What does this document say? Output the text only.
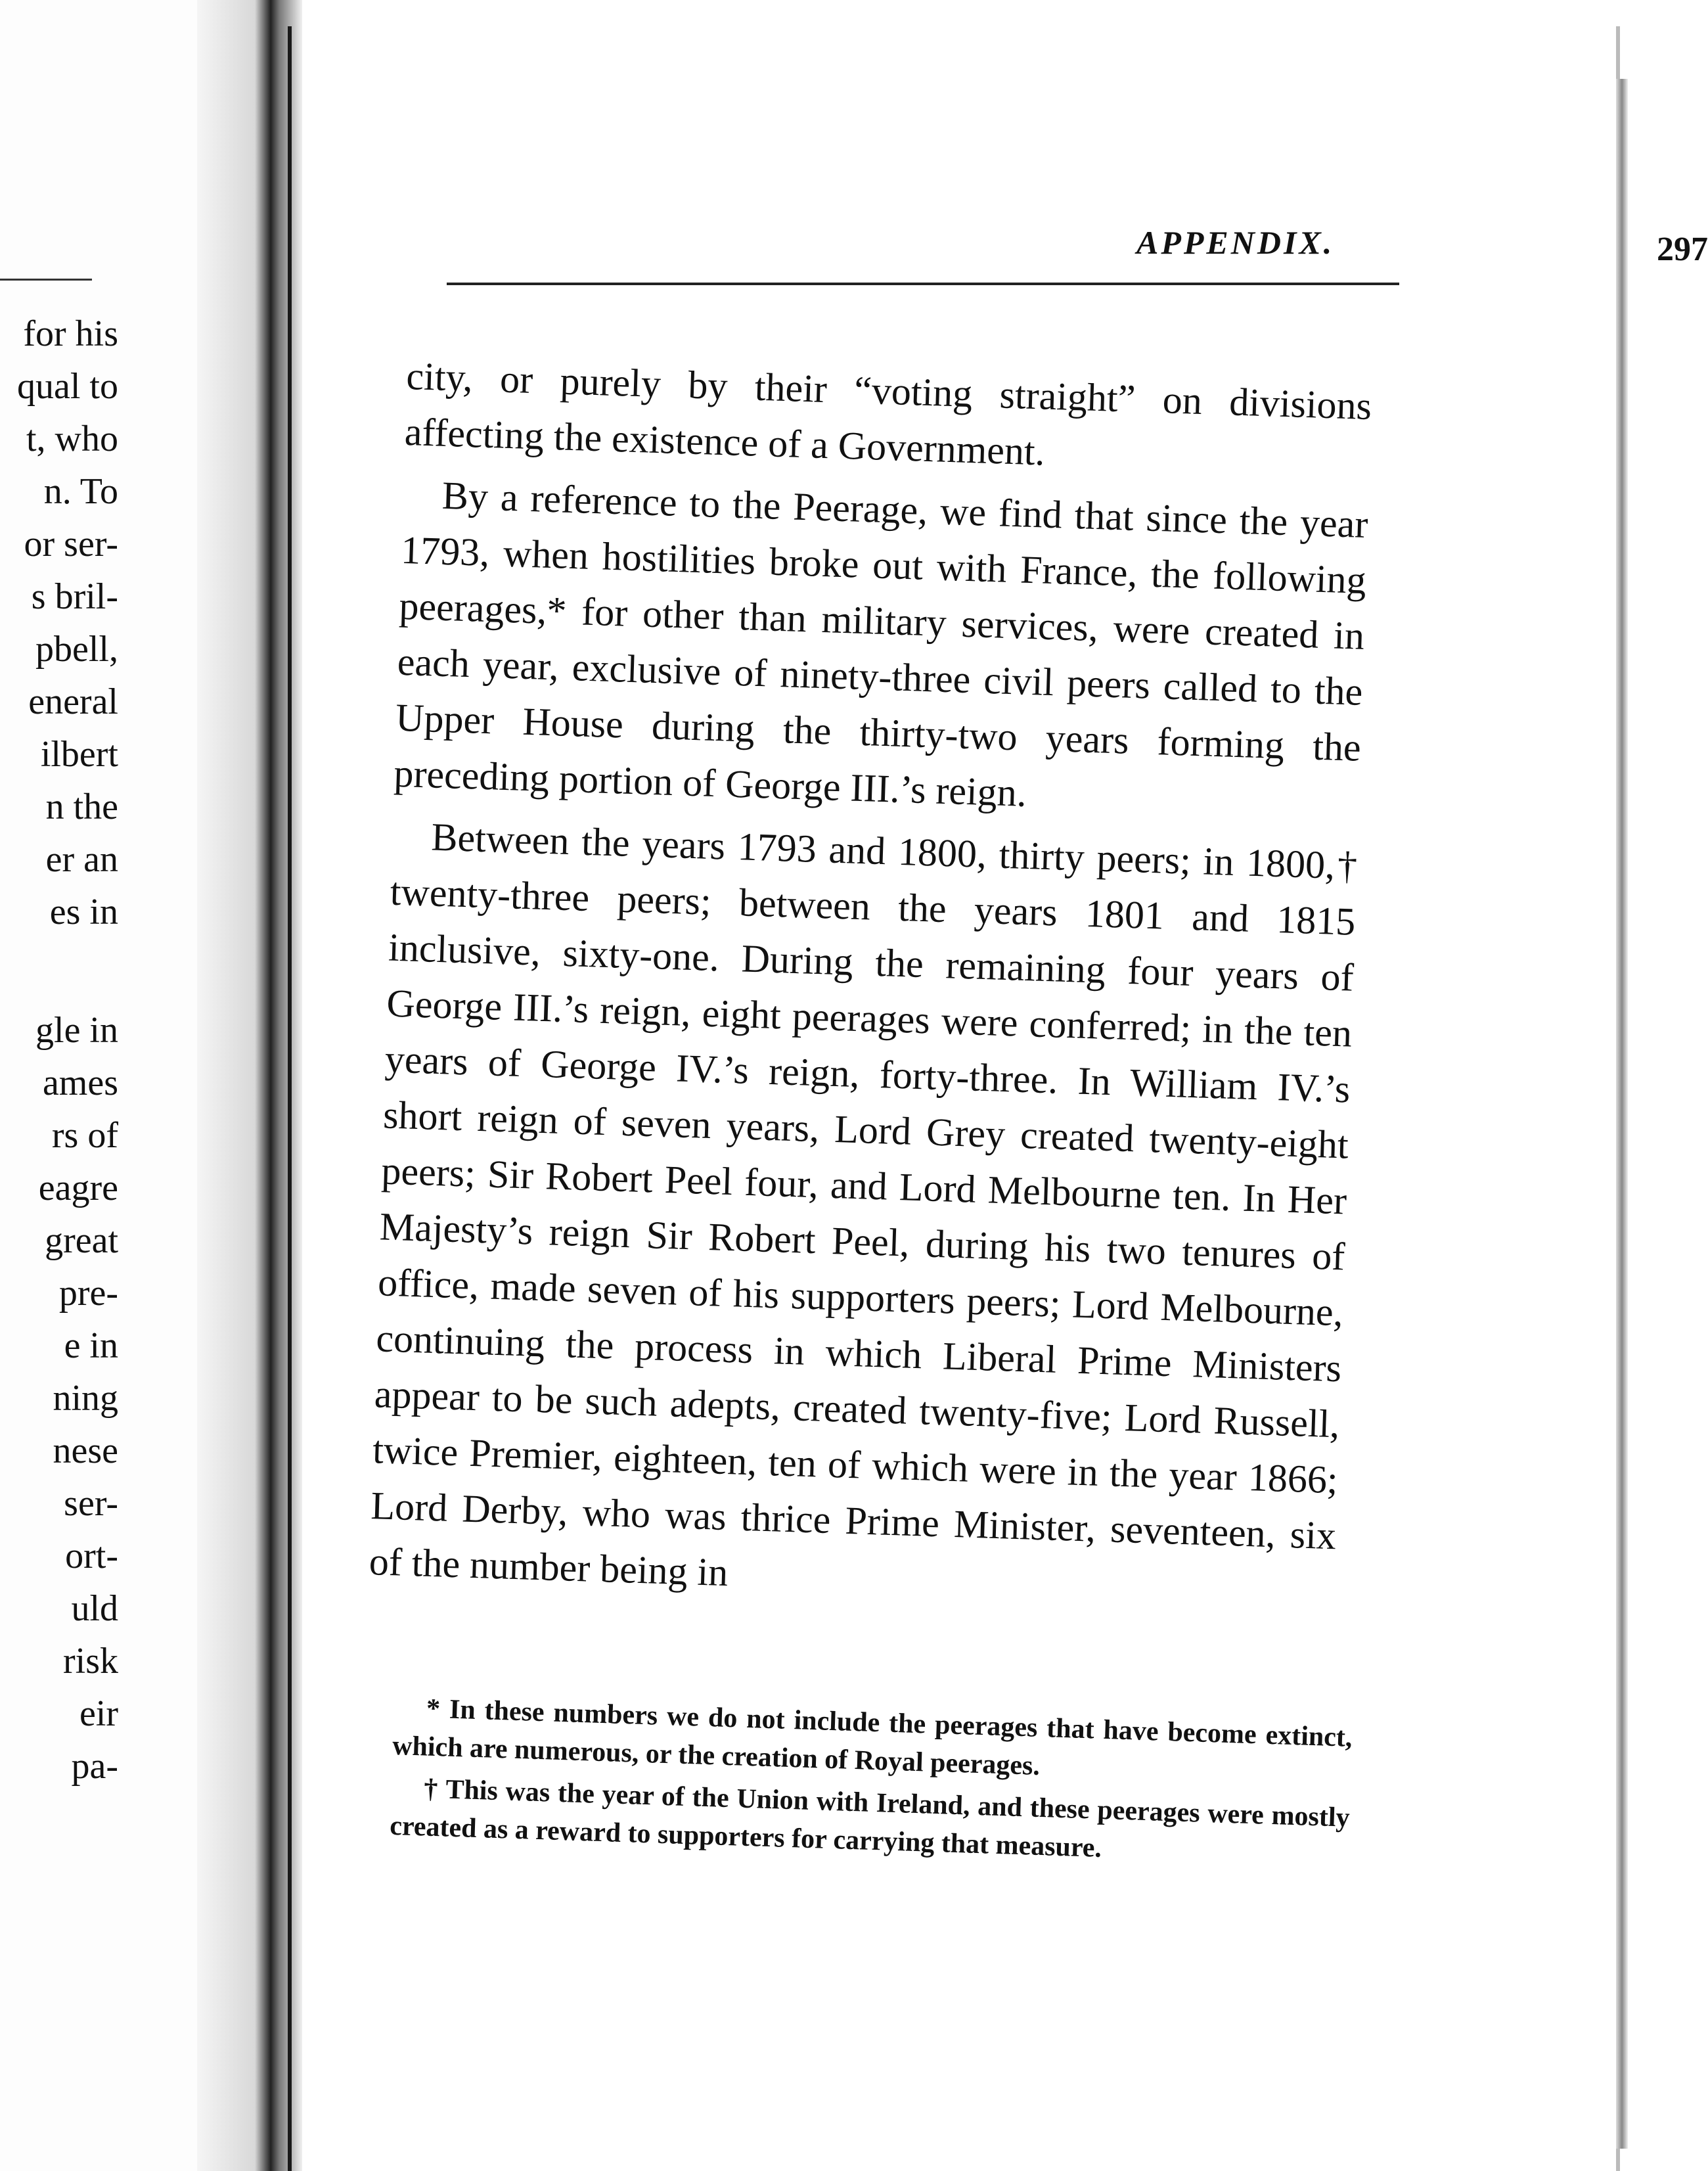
for his
qual to
t, who
n. To
or ser-
s bril-
pbell,
eneral
ilbert
n the
er an
es in
gle in
ames
rs of
eagre
great
pre-
e in
ning
nese
ser-
ort-
uld
risk
eir
pa-
APPENDIX.	297

city, or purely by their “voting straight” on divisions affecting the existence of a Government.

By a reference to the Peerage, we find that since the year 1793, when hostilities broke out with France, the following peerages,* for other than military services, were created in each year, exclusive of ninety-three civil peers called to the Upper House during the thirty-two years forming the preceding portion of George III.’s reign.

Between the years 1793 and 1800, thirty peers; in 1800,† twenty-three peers; between the years 1801 and 1815 inclusive, sixty-one. During the remaining four years of George III.’s reign, eight peerages were conferred; in the ten years of George IV.’s reign, forty-three. In William IV.’s short reign of seven years, Lord Grey created twenty-eight peers; Sir Robert Peel four, and Lord Melbourne ten. In Her Majesty’s reign Sir Robert Peel, during his two tenures of office, made seven of his supporters peers; Lord Melbourne, continuing the process in which Liberal Prime Ministers appear to be such adepts, created twenty-five; Lord Russell, twice Premier, eighteen, ten of which were in the year 1866; Lord Derby, who was thrice Prime Minister, seventeen, six of the number being in

* In these numbers we do not include the peerages that have become extinct, which are numerous, or the creation of Royal peerages.

† This was the year of the Union with Ireland, and these peerages were mostly created as a reward to supporters for carrying that measure.
